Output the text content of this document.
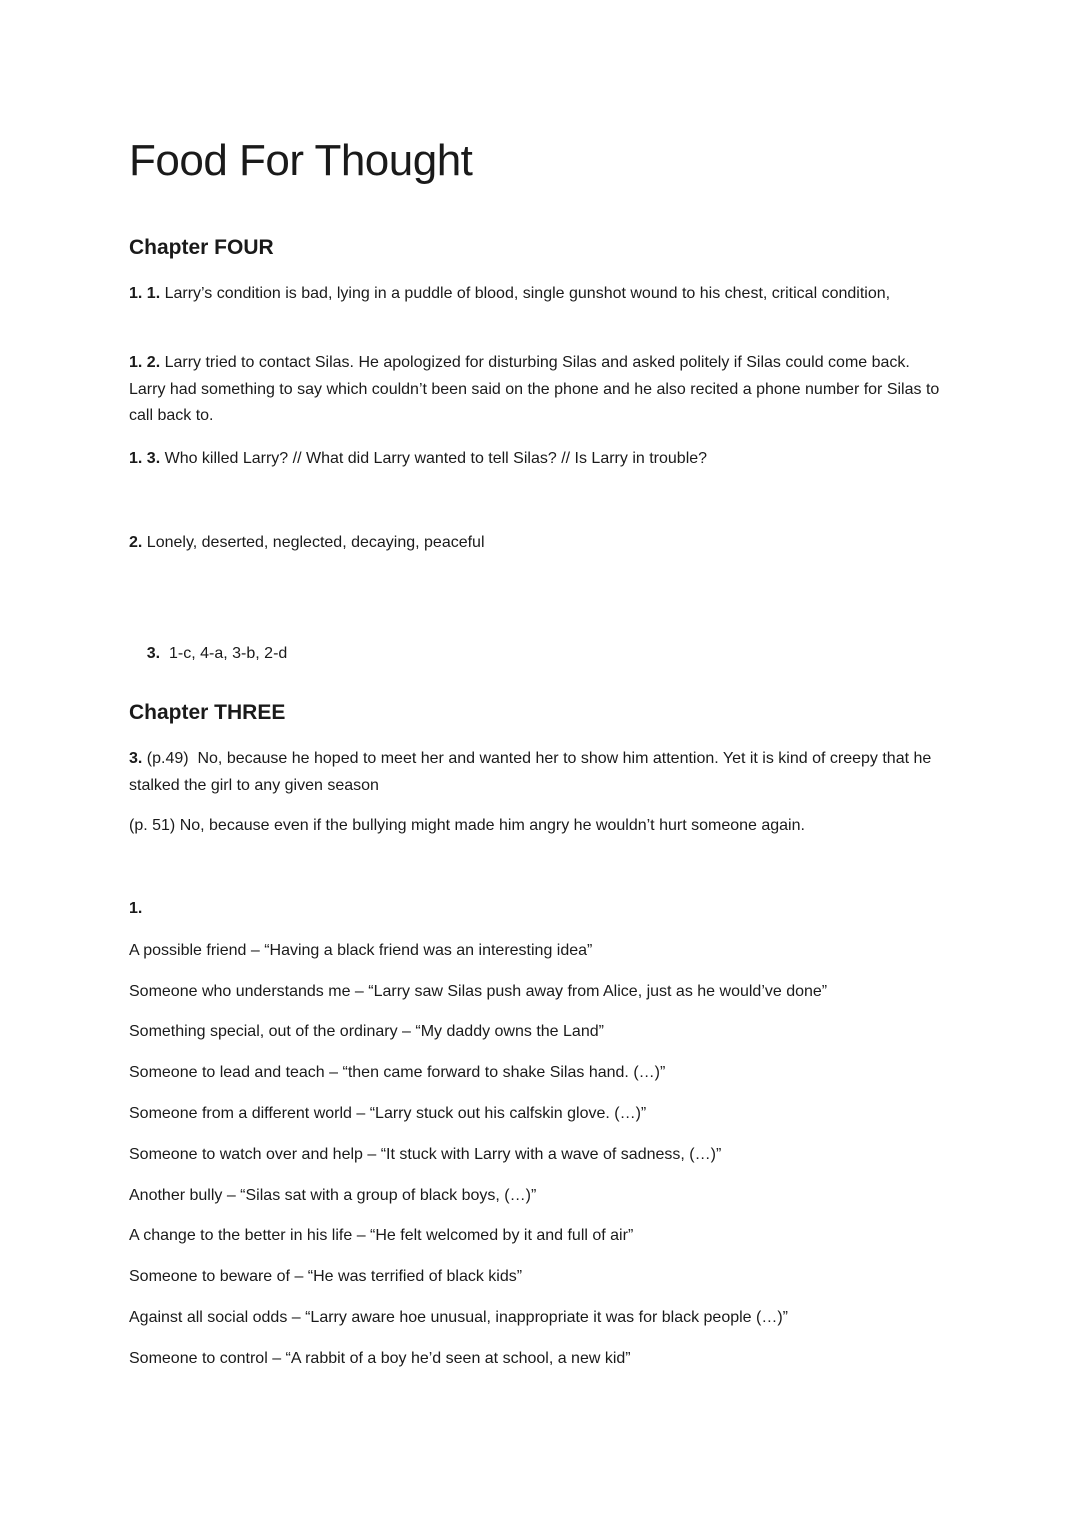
Food For Thought
Chapter FOUR

1. 1. Larry’s condition is bad, lying in a puddle of blood, single gunshot wound to his chest, critical condition,

1. 2. Larry tried to contact Silas. He apologized for disturbing Silas and asked politely if Silas could come back. Larry had something to say which couldn’t been said on the phone and he also recited a phone number for Silas to call back to.

1. 3. Who killed Larry? // What did Larry wanted to tell Silas? // Is Larry in trouble?

2. Lonely, deserted, neglected, decaying, peaceful

3.  1-c, 4-a, 3-b, 2-d

Chapter THREE

3. (p.49)  No, because he hoped to meet her and wanted her to show him attention. Yet it is kind of creepy that he stalked the girl to any given season

(p. 51) No, because even if the bullying might made him angry he wouldn’t hurt someone again.

1.

A possible friend – “Having a black friend was an interesting idea”

Someone who understands me – “Larry saw Silas push away from Alice, just as he would’ve done”

Something special, out of the ordinary – “My daddy owns the Land”

Someone to lead and teach – “then came forward to shake Silas hand. (…)”

Someone from a different world – “Larry stuck out his calfskin glove. (…)”

Someone to watch over and help – “It stuck with Larry with a wave of sadness, (…)”

Another bully – “Silas sat with a group of black boys, (…)”

A change to the better in his life – “He felt welcomed by it and full of air”

Someone to beware of – “He was terrified of black kids”

Against all social odds – “Larry aware hoe unusual, inappropriate it was for black people (…)”

Someone to control – “A rabbit of a boy he’d seen at school, a new kid”
